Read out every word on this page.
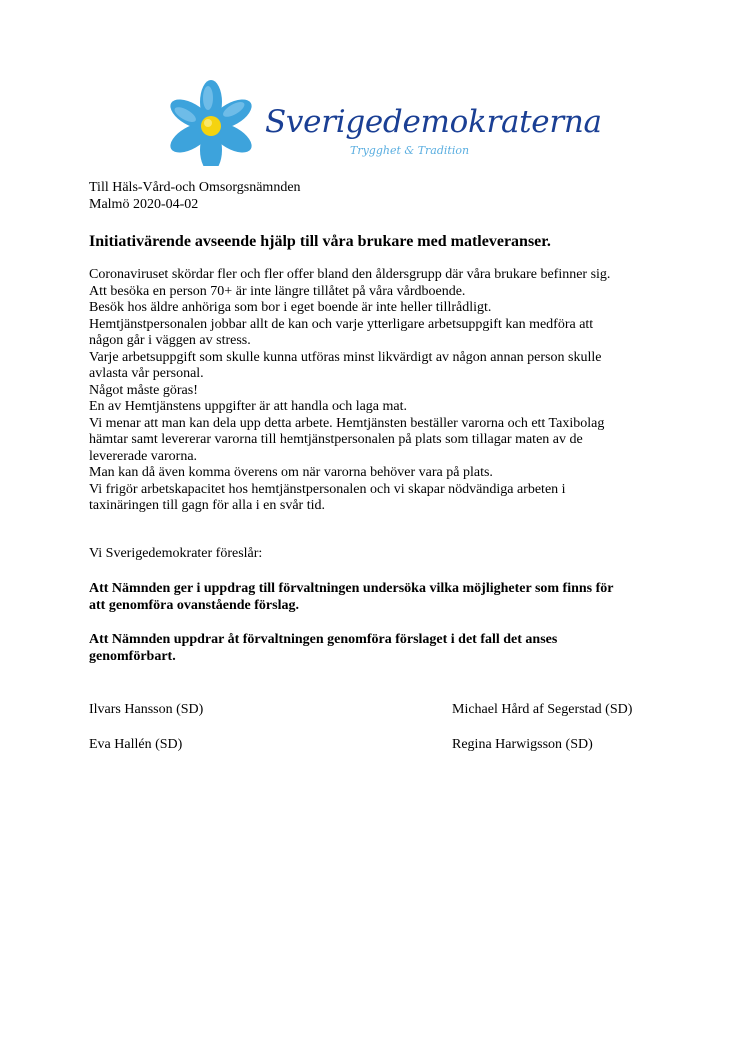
Sverigedemokraterna
Trygghet & Tradition
Till Häls-Vård-och Omsorgsnämnden
Malmö 2020-04-02
Initiativärende avseende hjälp till våra brukare med matleveranser.
Coronaviruset skördar fler och fler offer bland den åldersgrupp där våra brukare befinner sig.
Att besöka en person 70+ är inte längre tillåtet på våra vårdboende.
Besök hos äldre anhöriga som bor i eget boende är inte heller tillrådligt.
Hemtjänstpersonalen jobbar allt de kan och varje ytterligare arbetsuppgift kan medföra att
någon går i väggen av stress.
Varje arbetsuppgift som skulle kunna utföras minst likvärdigt av någon annan person skulle
avlasta vår personal.
Något måste göras!
En av Hemtjänstens uppgifter är att handla och laga mat.
Vi menar att man kan dela upp detta arbete. Hemtjänsten beställer varorna och ett Taxibolag
hämtar samt levererar varorna till hemtjänstpersonalen på plats som tillagar maten av de
levererade varorna.
Man kan då även komma överens om när varorna behöver vara på plats.
Vi frigör arbetskapacitet hos hemtjänstpersonalen och vi skapar nödvändiga arbeten i
taxinäringen till gagn för alla i en svår tid.
Vi Sverigedemokrater föreslår:
Att Nämnden ger i uppdrag till förvaltningen undersöka vilka möjligheter som finns för
att genomföra ovanstående förslag.
Att Nämnden uppdrar åt förvaltningen genomföra förslaget i det fall det anses
genomförbart.
Ilvars Hansson (SD)	Michael Hård af Segerstad (SD)
Eva Hallén (SD)	Regina Harwigsson (SD)
